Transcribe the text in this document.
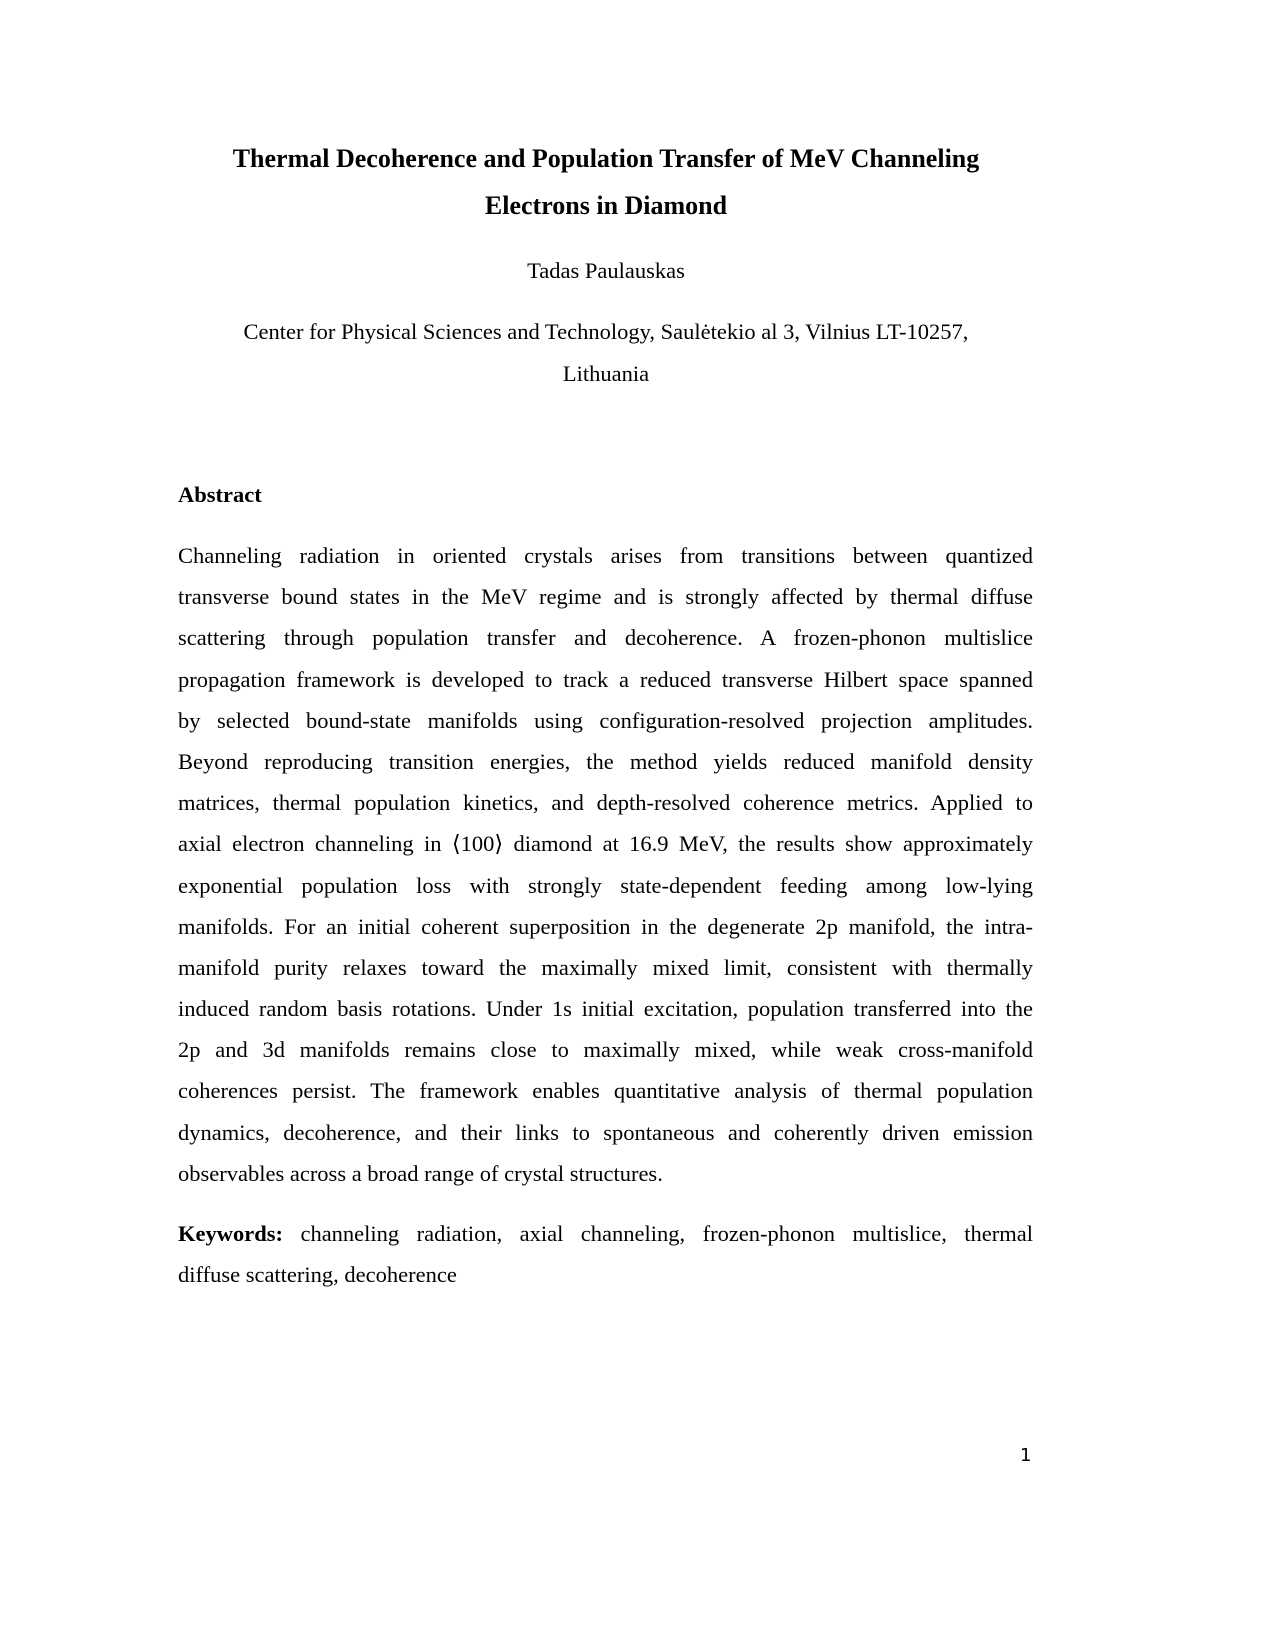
Thermal Decoherence and Population Transfer of MeV Channeling
Electrons in Diamond
Tadas Paulauskas
Center for Physical Sciences and Technology, Saulėtekio al 3, Vilnius LT-10257,
Lithuania
Abstract
Channeling radiation in oriented crystals arises from transitions between quantized
transverse bound states in the MeV regime and is strongly affected by thermal diffuse
scattering through population transfer and decoherence. A frozen-phonon multislice
propagation framework is developed to track a reduced transverse Hilbert space spanned
by selected bound-state manifolds using configuration-resolved projection amplitudes.
Beyond reproducing transition energies, the method yields reduced manifold density
matrices, thermal population kinetics, and depth-resolved coherence metrics. Applied to
axial electron channeling in ⟨100⟩ diamond at 16.9 MeV, the results show approximately
exponential population loss with strongly state-dependent feeding among low-lying
manifolds. For an initial coherent superposition in the degenerate 2p manifold, the intra-
manifold purity relaxes toward the maximally mixed limit, consistent with thermally
induced random basis rotations. Under 1s initial excitation, population transferred into the
2p and 3d manifolds remains close to maximally mixed, while weak cross-manifold
coherences persist. The framework enables quantitative analysis of thermal population
dynamics, decoherence, and their links to spontaneous and coherently driven emission
observables across a broad range of crystal structures.
Keywords: channeling radiation, axial channeling, frozen-phonon multislice, thermal
diffuse scattering, decoherence
1
